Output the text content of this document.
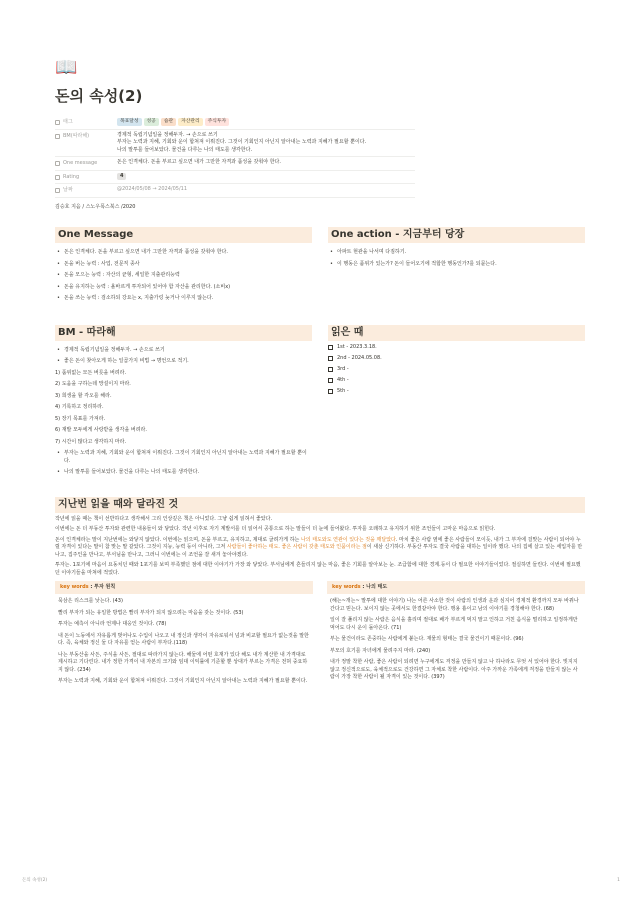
📖
돈의 속성(2)
태그	목표달성 성공 습관 자산관리 주식투자
BM(따라해)	경제적 독립기념일을 정해두자. → 손으로 쓰기
부자는 노력과 지혜, 기회와 운이 합쳐져 이뤄진다. 그것이 기회인지 아닌지 알아내는 노력과 지혜가 필요할 뿐이다.
나의 말투를 들어보았다. 물건을 다루는 나의 태도를 생각한다.
One message	돈은 인격체다. 돈을 부르고 싶으면 내가 그만한 자격과 품성을 갖춰야 한다.
Rating	4
날짜	@2024/05/08 → 2024/05/11
김승호 지음 / 스노우폭스북스 /2020
One Message
• 돈은 인격체다. 돈을 부르고 싶으면 내가 그만한 자격과 품성을 갖춰야 한다.
• 돈을 버는 능력 : 사업, 전문직 종사
• 돈을 모으는 능력 : 자산의 균형, 세일한 지출관리능력
• 돈을 유지하는 능력 : 올바르게 투자되어 있어야 함 자산을 관리한다. (소비x)
• 돈을 쓰는 능력 : 검소하되 강요는 x, 지출가링 늦거나 이루지 않는다.
One action - 지금부터 당장
• 아파트 현관을 나서며 다짐하기.
• 이 행동은 품위가 있는가? 돈이 들어오기에 적합한 행동인가?를 되묻는다.
BM - 따라해
• 경제적 독립기념일을 정해두자. → 손으로 쓰기
• 좋은 돈이 찾아오게 하는 일곱가지 비법 → 명언으로 적기.
1) 품위없는 모든 버릇을 버려라.
2) 도움을 구하는데 망설이지 마라.
3) 희생을 할 각오를 해라.
4) 기록하고 정리하라.
5) 장기 목표를 가져라.
6) 재발 모두에게 사랑받을 생각을 버려라.
7) 시간이 많다고 생각하지 마라.
• 부자는 노력과 지혜, 기회와 운이 합쳐져 이뤄진다. 그것이 기회인지 아닌지 알아내는 노력과 지혜가 필요할 뿐이다.
• 나의 말투를 들어보았다. 물건을 다루는 나의 태도를 생각한다.
읽은 때
1st - 2023.3.18.
2nd - 2024.05.08.
3rd -
4th -
5th -
지난번 읽을 때와 달라진 것

작년에 읽을 때는 책이 선반하다고 생각해서 그리 인상깊은 책은 아니었다. 그냥 쉽게 읽혀서 좋았다.

이번에는 돈 더 부동산 투자와 관련한 내용들이 와 닿았다. 작년 이후로 자기 계발서를 더 읽어서 공통으로 하는 말들이 더 눈에 들어왔다. 투자를 오래하고 유지하기 위한 조언들이 고마운 마음으로 읽힌다.

돈이 인격체라는 말이 지난번에는 와닿지 않았다. 이번에는 읽으며, 돈을 부르고, 유지하고, 제대로 굴려가게 하는 나의 태도와도 연관이 있다는 것을 깨달았다. 마치 좋은 사람 옆에 좋은 사람들이 모이듯, 내가 그 부자에 걸맞는 사람이 되어야 누릴 자격이 있다는 말이 참 맞는 말 같았다. 그것이 지능, 능력 등이 아니라, 그저 사람들이 좋아하는 태도. 좋은 사람이 갖춘 태도와 인품이라는 점이 새삼 신기하다. 부동산 투자도 결국 사람을 대하는 일이라 했다. 나의 집에 살고 있는 세입자를 만나고, 집주인을 만나고, 부서님을 만나고, 그러니 이번에는 이 조언을 잘 새겨 놓아야겠다.

투자는. 1포기에 마음이 요동치던 때와 1포기를 보며 부족했던 점에 대한 이야기가 가장 와 닿았다. 부서님에게 흔들리지 않는 마음, 좋은 기회를 알아보는 눈. 조급함에 대한 경계.등이 다 필요한 이야기들이었다. 절실하면 들린다. 이번에 필요했던 이야기들을 마쳐에 적었다.

key words : 투자 원칙

묵삼은 리스크를 낮는다. (43)

빨리 부자가 되는 유일한 방법은 빨리 부자가 되지 않으려는 마음을 갖는 것이다. (53)

투자는 예측이 아니라 언제나 대응인 것이다. (78)

내 돈이 노동에서 자유롭게 벗어나도 수입이 나오고 내 정신과 생각이 자유로워서 넘과 비교할 필요가 없는것을 말한다. 즉, 육체와 정신 둘 다 자유를 얻는 사람이 부자다.(118)

나는 부동산을 사든, 주식을 사든, 절대로 따라가지 않는다. 해둘에 어떤 호재가 있다 해도 내가 계산한 내 가격대로 제시하고 기다린다. 내가 정한 가격이 내 자본의 크기와 임대 이익률에 기준할 뿐 상대가 부르는 가격은 전혀 중요하지 않다. (234)

부자는 노력과 지혜, 기회와 운이 합쳐져 이뤄진다. 그것이 기회인지 아닌지 알아내는 노력과 지혜가 필요할 뿐이다.

key words : 나의 태도

(해는~개는~ 말투에 대한 이야기) 나는 어른 사소한 것이 사람의 인생과 운과 심지어 경제적 환경까지 모두 바꿔나간다고 믿는다. 보이지 않는 곳에서도 한결같아야 한다. 맹용 흉이고 남의 이야기를 경청해야 한다. (68)

일이 잘 풀리지 않는 사람은 음식을 흘리며 절대로 배가 부르게 먹지 말고 인하고 거친 음식을 멀리하고 일정하게만 먹어도 다시 운이 돌아온다. (71)

부는 물건이라도 존중하는 사람에게 붙는다. 재물의 형태는 결국 물건이기 때문이다. (96)

부모의 호기를 자녀에게 물려주지 마라. (240)

내가 정말 착한 사람, 좋은 사람이 되려면 누구에게도 걱정을 만들지 않고 나 하나라도 무엇 서 있어야 한다. 빚지지 않고 정신적으로도, 육체적으로도 건강하면 그 자체로 착한 사람이다. 아주 가까운 가족에게 걱정을 만들지 않는 사람이 가장 착한 사람이 될 자격이 있는 것이다. (397)

돈의 속성(2)	1
